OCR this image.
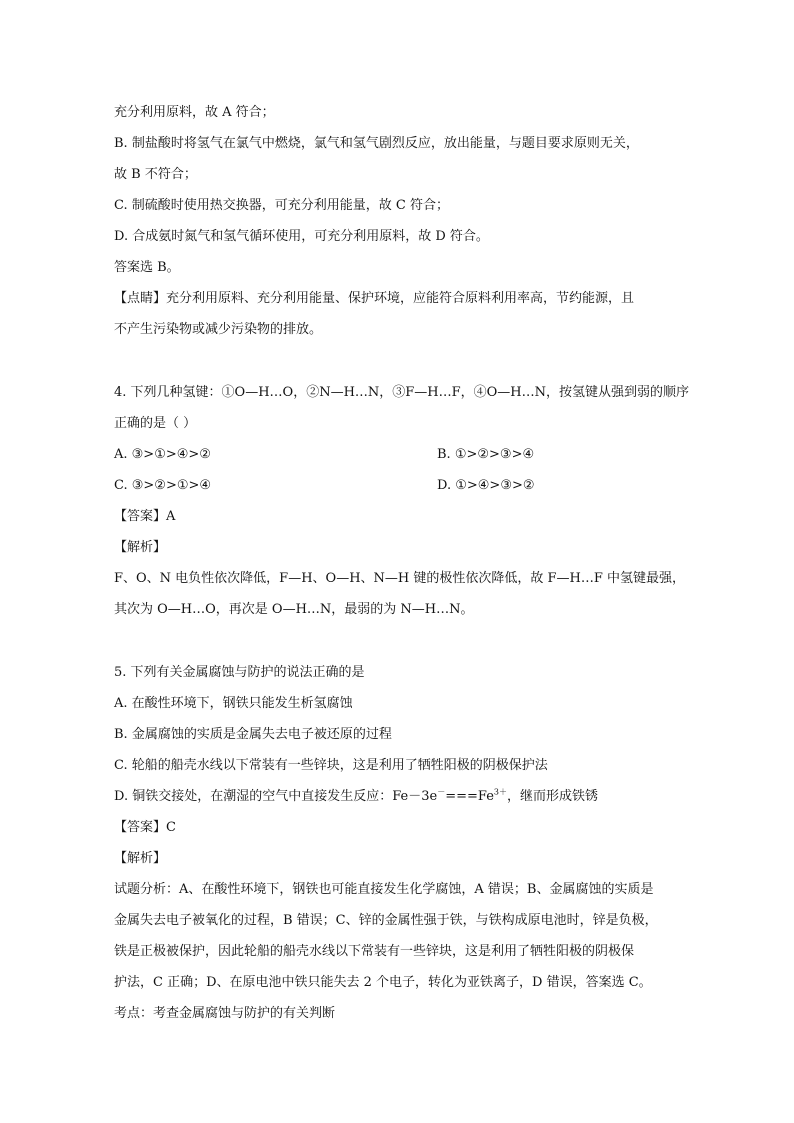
充分利用原料，故 A 符合；
B. 制盐酸时将氢气在氯气中燃烧，氯气和氢气剧烈反应，放出能量，与题目要求原则无关，
故 B 不符合；
C. 制硫酸时使用热交换器，可充分利用能量，故 C 符合；
D. 合成氨时氮气和氢气循环使用，可充分利用原料，故 D 符合。
答案选 B。
【点睛】充分利用原料、充分利用能量、保护环境，应能符合原料利用率高，节约能源，且
不产生污染物或减少污染物的排放。
4. 下列几种氢键：①O—H…O，②N—H…N，③F—H…F，④O—H…N，按氢键从强到弱的顺序
正确的是（ ）
A. ③>①>④>②	B. ①>②>③>④
C. ③>②>①>④	D. ①>④>③>②
【答案】A
【解析】
F、O、N 电负性依次降低，F—H、O—H、N—H 键的极性依次降低，故 F—H…F 中氢键最强，
其次为 O—H…O，再次是 O—H…N，最弱的为 N—H…N。
5. 下列有关金属腐蚀与防护的说法正确的是
A. 在酸性环境下，钢铁只能发生析氢腐蚀
B. 金属腐蚀的实质是金属失去电子被还原的过程
C. 轮船的船壳水线以下常装有一些锌块，这是利用了牺牲阳极的阴极保护法
D. 铜铁交接处，在潮湿的空气中直接发生反应：$Fe-3e^-===Fe^{3+}$，继而形成铁锈
【答案】C
【解析】
试题分析：A、在酸性环境下，钢铁也可能直接发生化学腐蚀，A 错误；B、金属腐蚀的实质是
金属失去电子被氧化的过程，B 错误；C、锌的金属性强于铁，与铁构成原电池时，锌是负极，
铁是正极被保护，因此轮船的船壳水线以下常装有一些锌块，这是利用了牺牲阳极的阴极保
护法，C 正确；D、在原电池中铁只能失去 2 个电子，转化为亚铁离子，D 错误，答案选 C。
考点：考查金属腐蚀与防护的有关判断
